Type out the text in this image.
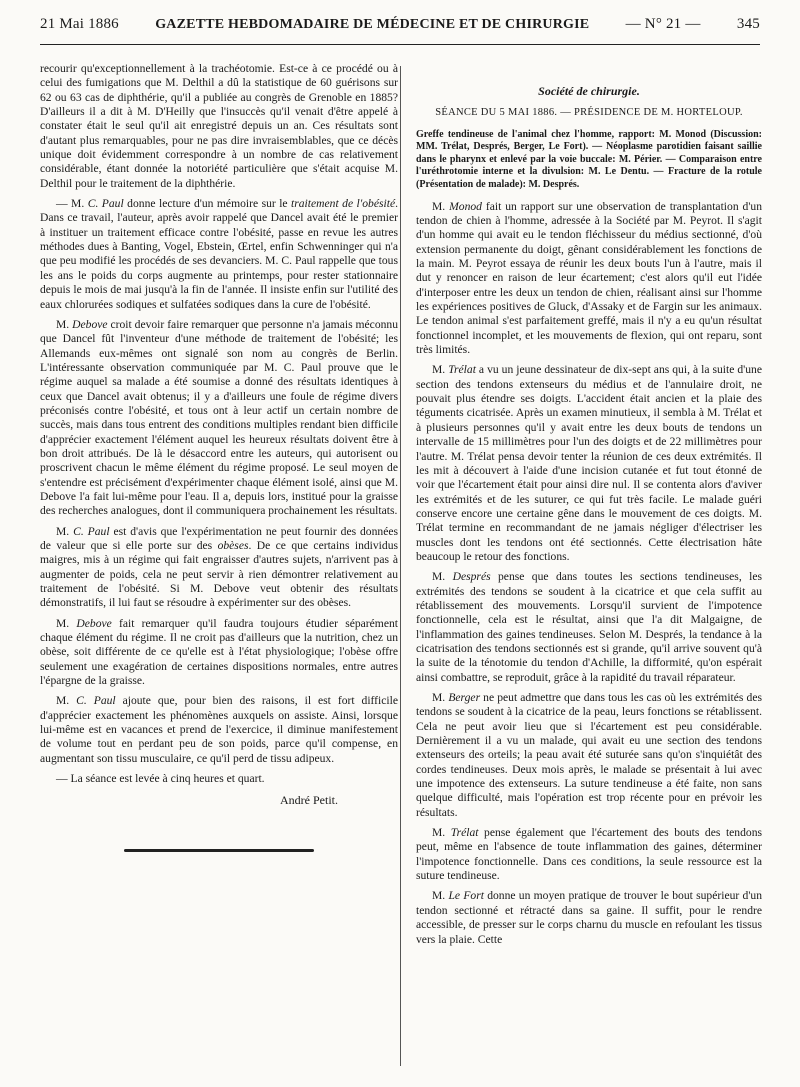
21 Mai 1886	GAZETTE HEBDOMADAIRE DE MÉDECINE ET DE CHIRURGIE — N° 21 — 345

recourir qu'exceptionnellement à la trachéotomie. Est-ce à ce procédé ou à celui des fumigations que M. Delthil a dû la statistique de 60 guérisons sur 62 ou 63 cas de diphthérie, qu'il a publiée au congrès de Grenoble en 1885? D'ailleurs il a dit à M. D'Heilly que l'insuccès qu'il venait d'être appelé à constater était le seul qu'il ait enregistré depuis un an. Ces résultats sont d'autant plus remarquables, pour ne pas dire invraisemblables, que ce décès unique doit évidemment correspondre à un nombre de cas relativement considérable, étant donnée la notoriété particulière que s'était acquise M. Delthil pour le traitement de la diphthérie.

— M. C. Paul donne lecture d'un mémoire sur le traitement de l'obésité. Dans ce travail, l'auteur, après avoir rappelé que Dancel avait été le premier à instituer un traitement efficace contre l'obésité, passe en revue les autres méthodes dues à Banting, Vogel, Ebstein, Œrtel, enfin Schwenninger qui n'a que peu modifié les procédés de ses devanciers. M. C. Paul rappelle que tous les ans le poids du corps augmente au printemps, pour rester stationnaire depuis le mois de mai jusqu'à la fin de l'année. Il insiste enfin sur l'utilité des eaux chlorurées sodiques et sulfatées sodiques dans la cure de l'obésité.

M. Debove croit devoir faire remarquer que personne n'a jamais méconnu que Dancel fût l'inventeur d'une méthode de traitement de l'obésité; les Allemands eux-mêmes ont signalé son nom au congrès de Berlin. L'intéressante observation communiquée par M. C. Paul prouve que le régime auquel sa malade a été soumise a donné des résultats identiques à ceux que Dancel avait obtenus; il y a d'ailleurs une foule de régime divers préconisés contre l'obésité, et tous ont à leur actif un certain nombre de succès, mais dans tous entrent des conditions multiples rendant bien difficile d'apprécier exactement l'élément auquel les heureux résultats doivent être à bon droit attribués. De là le désaccord entre les auteurs, qui autorisent ou proscrivent chacun le même élément du régime proposé. Le seul moyen de s'entendre est précisément d'expérimenter chaque élément isolé, ainsi que M. Debove l'a fait lui-même pour l'eau. Il a, depuis lors, institué pour la graisse des recherches analogues, dont il communiquera prochainement les résultats.

M. C. Paul est d'avis que l'expérimentation ne peut fournir des données de valeur que si elle porte sur des obèses. De ce que certains individus maigres, mis à un régime qui fait engraisser d'autres sujets, n'arrivent pas à augmenter de poids, cela ne peut servir à rien démontrer relativement au traitement de l'obésité. Si M. Debove veut obtenir des résultats démonstratifs, il lui faut se résoudre à expérimenter sur des obèses.

M. Debove fait remarquer qu'il faudra toujours étudier séparément chaque élément du régime. Il ne croit pas d'ailleurs que la nutrition, chez un obèse, soit différente de ce qu'elle est à l'état physiologique; l'obèse offre seulement une exagération de certaines dispositions normales, entre autres l'épargne de la graisse.

M. C. Paul ajoute que, pour bien des raisons, il est fort difficile d'apprécier exactement les phénomènes auxquels on assiste. Ainsi, lorsque lui-même est en vacances et prend de l'exercice, il diminue manifestement de volume tout en perdant peu de son poids, parce qu'il compense, en augmentant son tissu musculaire, ce qu'il perd de tissu adipeux.

— La séance est levée à cinq heures et quart.

André Petit.
Société de chirurgie.
SÉANCE DU 5 MAI 1886. — PRÉSIDENCE DE M. HORTELOUP.
Greffe tendineuse de l'animal chez l'homme, rapport: M. Monod (Discussion: MM. Trélat, Després, Berger, Le Fort). — Néoplasme parotidien faisant saillie dans le pharynx et enlevé par la voie buccale: M. Périer. — Comparaison entre l'uréthrotomie interne et la divulsion: M. Le Dentu. — Fracture de la rotule (Présentation de malade): M. Després.

M. Monod fait un rapport sur une observation de transplantation d'un tendon de chien à l'homme, adressée à la Société par M. Peyrot. Il s'agit d'un homme qui avait eu le tendon fléchisseur du médius sectionné, d'où extension permanente du doigt, gênant considérablement les fonctions de la main. M. Peyrot essaya de réunir les deux bouts l'un à l'autre, mais il dut y renoncer en raison de leur écartement; c'est alors qu'il eut l'idée d'interposer entre les deux un tendon de chien, réalisant ainsi sur l'homme les expériences positives de Gluck, d'Assaky et de Fargin sur les animaux. Le tendon animal s'est parfaitement greffé, mais il n'y a eu qu'un résultat fonctionnel incomplet, et les mouvements de flexion, qui ont reparu, sont très limités.

M. Trélat a vu un jeune dessinateur de dix-sept ans qui, à la suite d'une section des tendons extenseurs du médius et de l'annulaire droit, ne pouvait plus étendre ses doigts. L'accident était ancien et la plaie des téguments cicatrisée. Après un examen minutieux, il sembla à M. Trélat et à plusieurs personnes qu'il y avait entre les deux bouts de tendons un intervalle de 15 millimètres pour l'un des doigts et de 22 millimètres pour l'autre. M. Trélat pensa devoir tenter la réunion de ces deux extrémités. Il les mit à découvert à l'aide d'une incision cutanée et fut tout étonné de voir que l'écartement était pour ainsi dire nul. Il se contenta alors d'aviver les extrémités et de les suturer, ce qui fut très facile. Le malade guéri conserve encore une certaine gêne dans le mouvement de ces doigts. M. Trélat termine en recommandant de ne jamais négliger d'électriser les muscles dont les tendons ont été sectionnés. Cette électrisation hâte beaucoup le retour des fonctions.

M. Després pense que dans toutes les sections tendineuses, les extrémités des tendons se soudent à la cicatrice et que cela suffit au rétablissement des mouvements. Lorsqu'il survient de l'impotence fonctionnelle, cela est le résultat, ainsi que l'a dit Malgaigne, de l'inflammation des gaines tendineuses. Selon M. Després, la tendance à la cicatrisation des tendons sectionnés est si grande, qu'il arrive souvent qu'à la suite de la ténotomie du tendon d'Achille, la difformité, qu'on espérait ainsi combattre, se reproduit, grâce à la rapidité du travail réparateur.

M. Berger ne peut admettre que dans tous les cas où les extrémités des tendons se soudent à la cicatrice de la peau, leurs fonctions se rétablissent. Cela ne peut avoir lieu que si l'écartement est peu considérable. Dernièrement il a vu un malade, qui avait eu une section des tendons extenseurs des orteils; la peau avait été suturée sans qu'on s'inquiétât des cordes tendineuses. Deux mois après, le malade se présentait à lui avec une impotence des extenseurs. La suture tendineuse a été faite, non sans quelque difficulté, mais l'opération est trop récente pour en prévoir les résultats.

M. Trélat pense également que l'écartement des bouts des tendons peut, même en l'absence de toute inflammation des gaines, déterminer l'impotence fonctionnelle. Dans ces conditions, la seule ressource est la suture tendineuse.

M. Le Fort donne un moyen pratique de trouver le bout supérieur d'un tendon sectionné et rétracté dans sa gaine. Il suffit, pour le rendre accessible, de presser sur le corps charnu du muscle en refoulant les tissus vers la plaie. Cette
